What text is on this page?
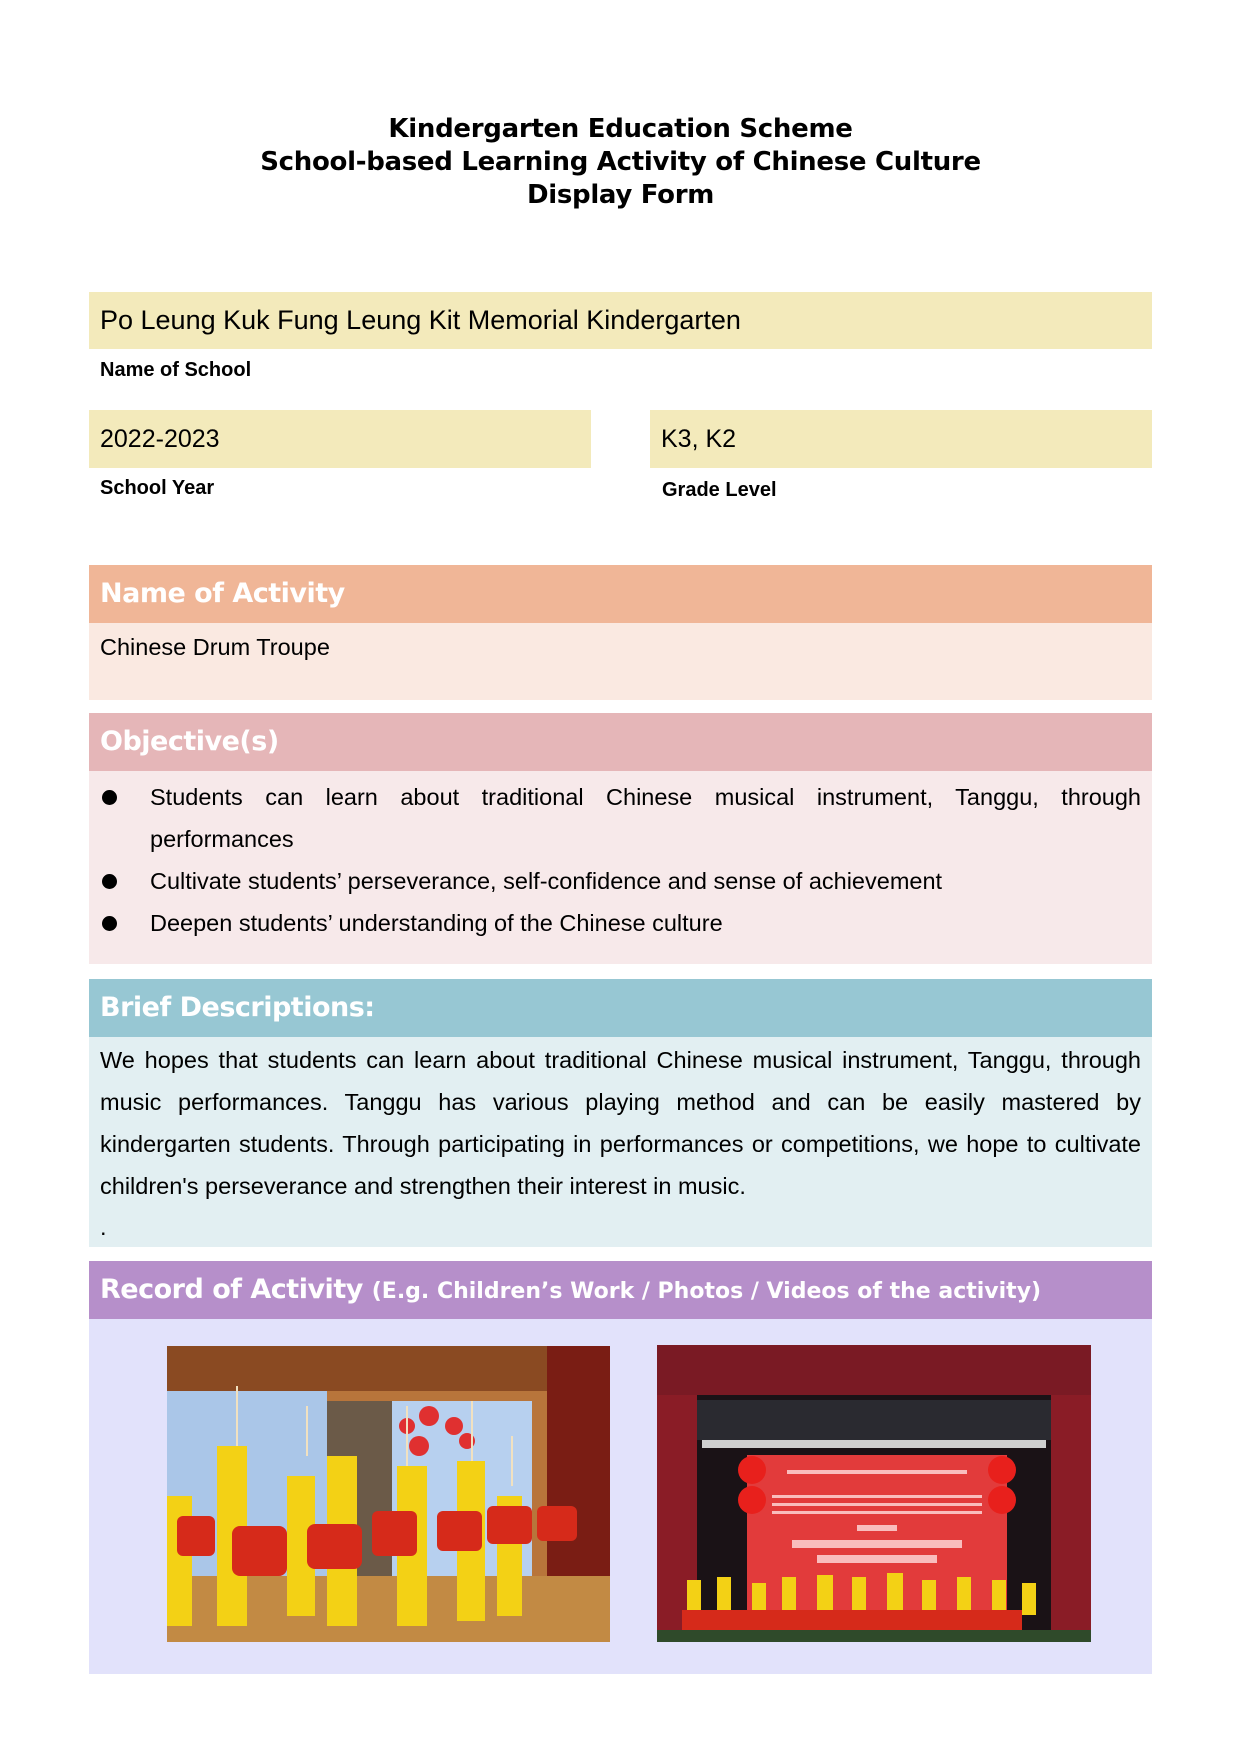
Kindergarten Education Scheme
School-based Learning Activity of Chinese Culture
Display Form
Po Leung Kuk Fung Leung Kit Memorial Kindergarten
Name of School
2022-2023
School Year
K3, K2
Grade Level
Name of Activity
Chinese Drum Troupe
Objective(s)
Students can learn about traditional Chinese musical instrument, Tanggu, through performances
Cultivate students’ perseverance, self-confidence and sense of achievement
Deepen students’ understanding of the Chinese culture
Brief Descriptions:

We hopes that students can learn about traditional Chinese musical instrument, Tanggu, through music performances. Tanggu has various playing method and can be easily mastered by kindergarten students. Through participating in performances or competitions, we hope to cultivate children's perseverance and strengthen their interest in music.

.

Record of Activity (E.g. Children’s Work / Photos / Videos of the activity)
